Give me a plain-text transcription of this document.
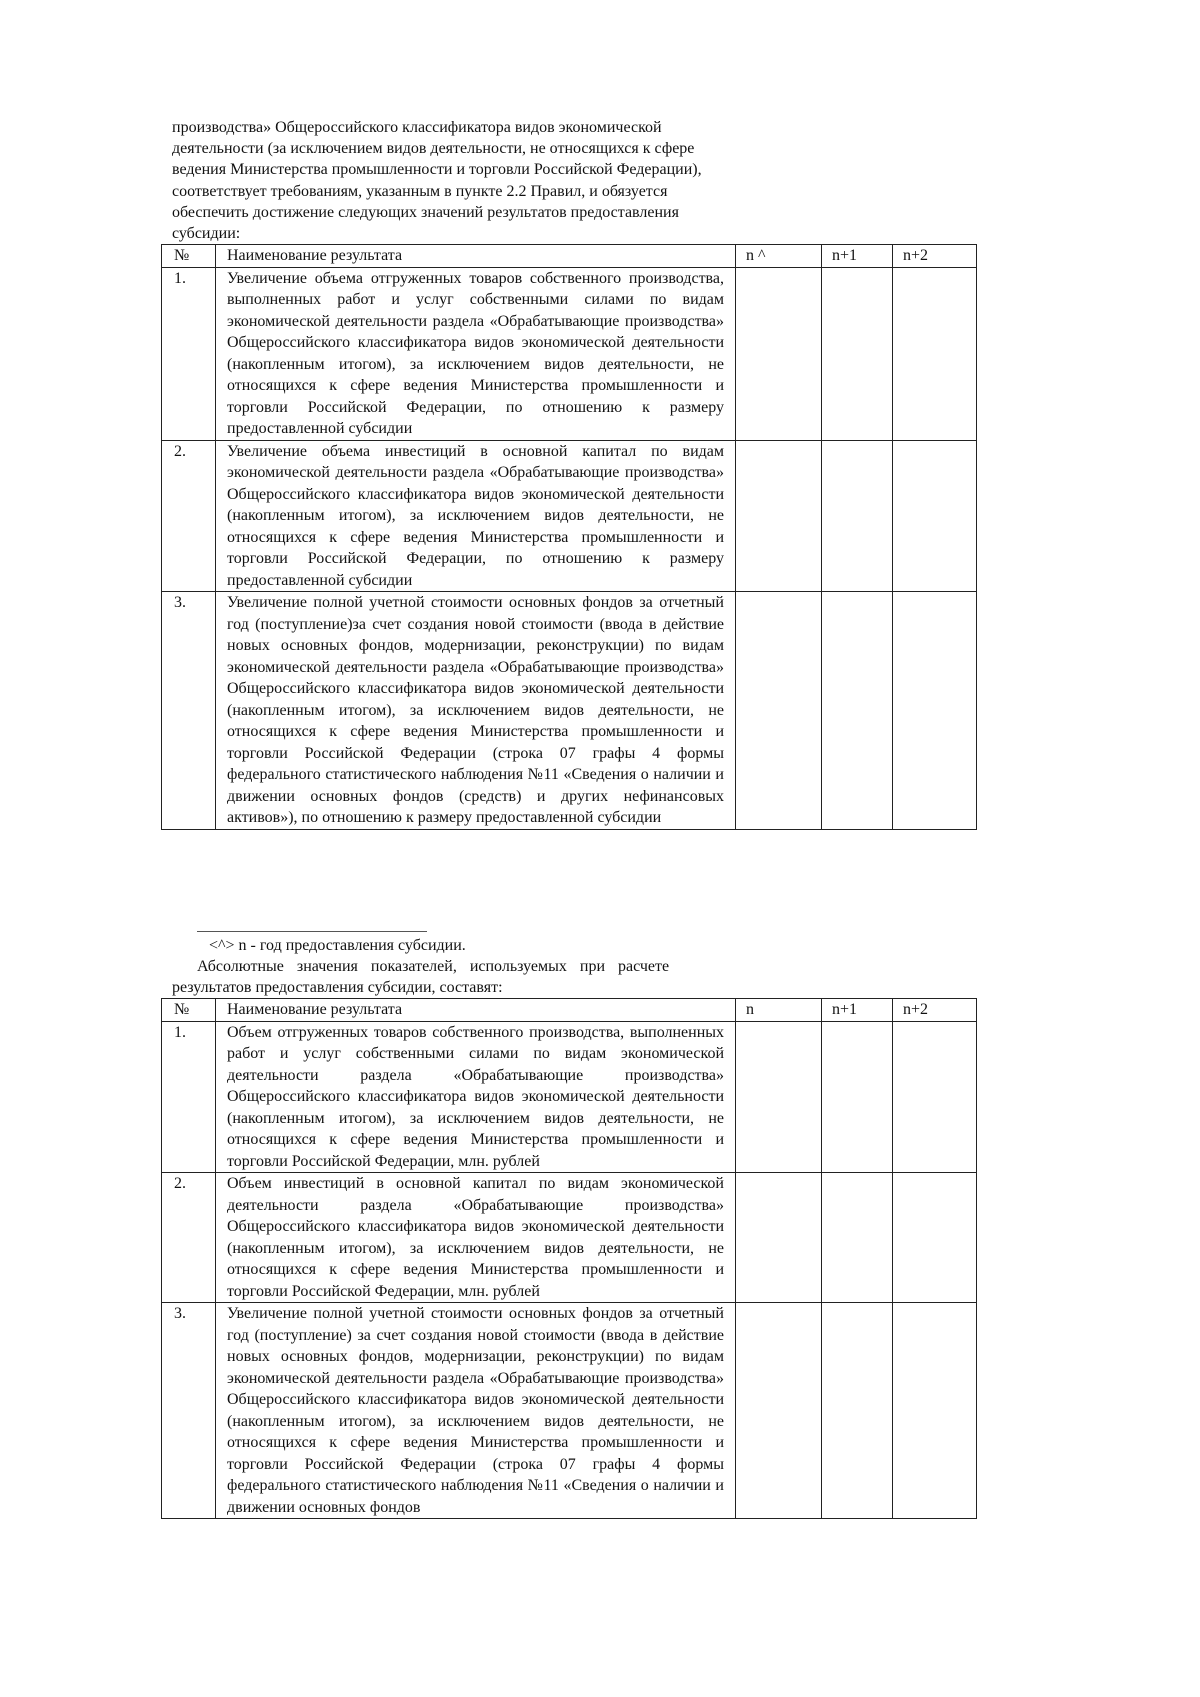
производства» Общероссийского классификатора видов экономической
деятельности (за исключением видов деятельности, не относящихся к сфере
ведения Министерства промышленности и торговли Российской Федерации),
соответствует требованиям, указанным в пункте 2.2 Правил, и обязуется
обеспечить достижение следующих значений результатов предоставления
субсидии:
№	Наименование результата	n ^	n+1	n+2
1.	Увеличение объема отгруженных товаров собственного производства, выполненных работ и услуг собственными силами по видам экономической деятельности раздела «Обрабатывающие производства» Общероссийского классификатора видов экономической деятельности (накопленным итогом), за исключением видов деятельности, не относящихся к сфере ведения Министерства промышленности и торговли Российской Федерации, по отношению к размеру предоставленной субсидии			
2.	Увеличение объема инвестиций в основной капитал по видам экономической деятельности раздела «Обрабатывающие производства» Общероссийского классификатора видов экономической деятельности (накопленным итогом), за исключением видов деятельности, не относящихся к сфере ведения Министерства промышленности и торговли Российской Федерации, по отношению к размеру предоставленной субсидии			
3.	Увеличение полной учетной стоимости основных фондов за отчетный год (поступление)за счет создания новой стоимости (ввода в действие новых основных фондов, модернизации, реконструкции) по видам экономической деятельности раздела «Обрабатывающие производства» Общероссийского классификатора видов экономической деятельности (накопленным итогом), за исключением видов деятельности, не относящихся к сфере ведения Министерства промышленности и торговли Российской Федерации (строка 07 графы 4 формы федерального статистического наблюдения №11 «Сведения о наличии и движении основных фондов (средств) и других нефинансовых активов»), по отношению к размеру предоставленной субсидии			
<^> n - год предоставления субсидии.
Абсолютные значения показателей, используемых при расчете
результатов предоставления субсидии, составят:
№	Наименование результата	n	n+1	n+2
1.	Объем отгруженных товаров собственного производства, выполненных работ и услуг собственными силами по видам экономической деятельности раздела «Обрабатывающие производства» Общероссийского классификатора видов экономической деятельности (накопленным итогом), за исключением видов деятельности, не относящихся к сфере ведения Министерства промышленности и торговли Российской Федерации, млн. рублей			
2.	Объем инвестиций в основной капитал по видам экономической деятельности раздела «Обрабатывающие производства» Общероссийского классификатора видов экономической деятельности (накопленным итогом), за исключением видов деятельности, не относящихся к сфере ведения Министерства промышленности и торговли Российской Федерации, млн. рублей			
3.	Увеличение полной учетной стоимости основных фондов за отчетный год (поступление) за счет создания новой стоимости (ввода в действие новых основных фондов, модернизации, реконструкции) по видам экономической деятельности раздела «Обрабатывающие производства» Общероссийского классификатора видов экономической деятельности (накопленным итогом), за исключением видов деятельности, не относящихся к сфере ведения Министерства промышленности и торговли Российской Федерации (строка 07 графы 4 формы федерального статистического наблюдения №11 «Сведения о наличии и движении основных фондов			
